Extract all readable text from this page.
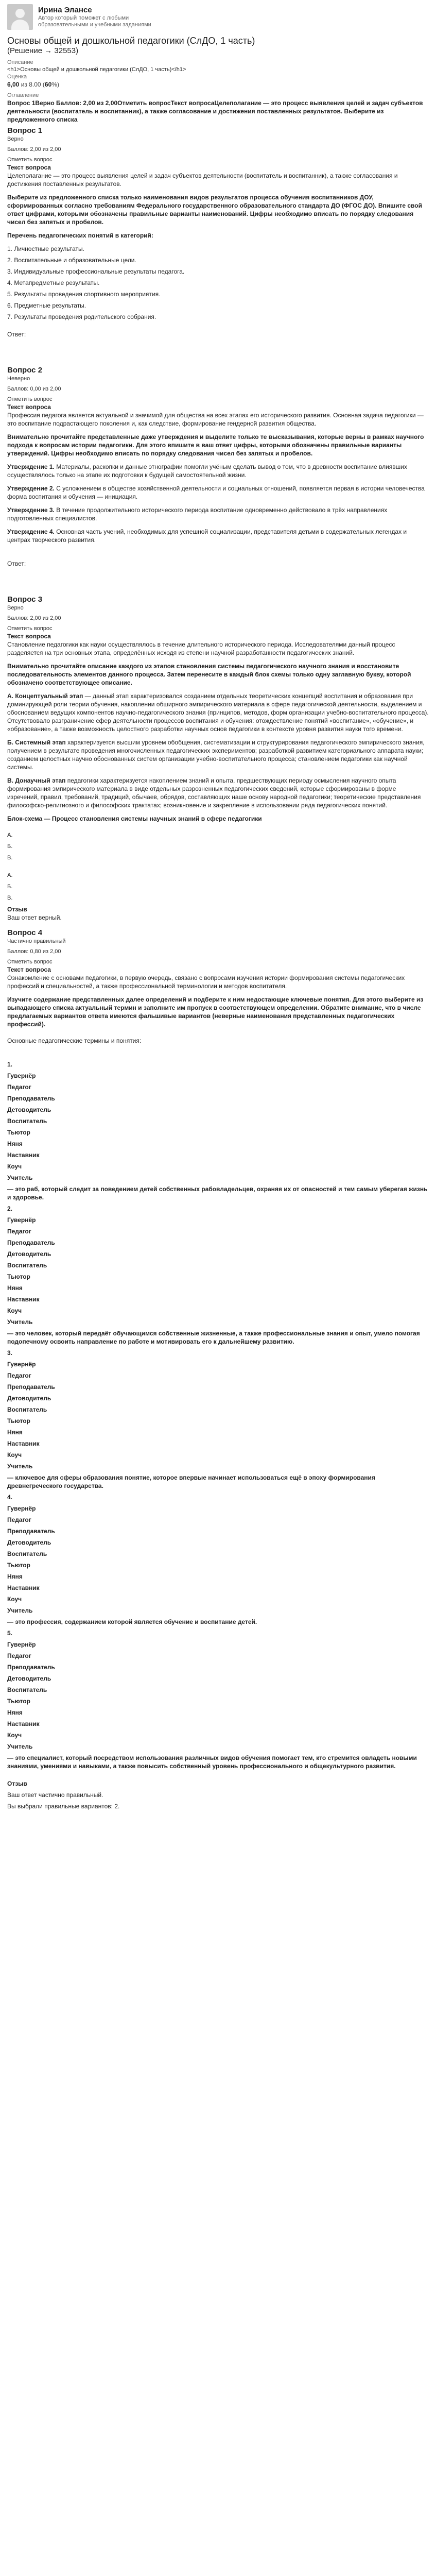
Ирина Элансе
Автор который поможет с любыми образовательными и учебными заданиями
Основы общей и дошкольной педагогики (СлДО, 1 часть)
(Решение → 32553)
Описание
<h1>Основы общей и дошкольной педагогики (СлДО, 1 часть)</h1>
Оценка
6,00 из 8.00 (60%)
Оглавление
Вопрос 1Верно Баллов: 2,00 из 2,00Отметить вопросТекст вопросаЦелеполагание — это процесс выявления целей и задач субъектов деятельности (воспитатель и воспитанник), а также согласование и достижения поставленных результатов. Выберите из предложенного списка
Вопрос 1
Верно
Баллов: 2,00 из 2,00
Отметить вопрос
Текст вопроса
Целеполагание — это процесс выявления целей и задач субъектов деятельности (воспитатель и воспитанник), а также согласования и достижения поставленных результатов.
Выберите из предложенного списка только наименования видов результатов процесса обучения воспитанников ДОУ, сформированных согласно требованиям Федерального государственного образовательного стандарта ДО (ФГОС ДО). Впишите свой ответ цифрами, которыми обозначены правильные варианты наименований. Цифры необходимо вписать по порядку следования чисел без запятых и пробелов.
Перечень педагогических понятий в категорий:
1. Личностные результаты.
2. Воспитательные и образовательные цели.
3. Индивидуальные профессиональные результаты педагога.
4. Метапредметные результаты.
5. Результаты проведения спортивного мероприятия.
6. Предметные результаты.
7. Результаты проведения родительского собрания.
Ответ:
Вопрос 2
Неверно
Баллов: 0,00 из 2,00
Отметить вопрос
Текст вопроса
Профессия педагога является актуальной и значимой для общества на всех этапах его исторического развития. Основная задача педагогики — это воспитание подрастающего поколения и, как следствие, формирование гендерной развития общества.
Внимательно прочитайте представленные даже утверждения и выделите только те высказывания, которые верны в рамках научного подхода к вопросам истории педагогики. Для этого впишите в ваш ответ цифры, которыми обозначены правильные варианты утверждений. Цифры необходимо вписать по порядку следования чисел без запятых и пробелов.
Утверждение 1. Материалы, раскопки и данные этнографии помогли учёным сделать вывод о том, что в древности воспитание влиявших осуществлялось только на этапе их подготовки к будущей самостоятельной жизни.
Утверждение 2. С усложнением в обществе хозяйственной деятельности и социальных отношений, появляется первая в истории человечества форма воспитания и обучения — инициация.
Утверждение 3. В течение продолжительного исторического периода воспитание одновременно действовало в трёх направлениях подготовленных специалистов.
Утверждение 4. Основная часть учений, необходимых для успешной социализации, представителя детьми в содержательных легендах и центрах творческого развития.
Ответ:
Вопрос 3
Верно
Баллов: 2,00 из 2,00
Отметить вопрос
Текст вопроса
Становление педагогики как науки осуществлялось в течение длительного исторического периода. Исследователями данный процесс разделяется на три основных этапа, определённых исходя из степени научной разработанности педагогических знаний.
Внимательно прочитайте описание каждого из этапов становления системы педагогического научного знания и восстановите последовательность элементов данного процесса. Затем перенесите в каждый блок схемы только одну заглавную букву, которой обозначено соответствующее описание.
А. Концептуальный этап — данный этап характеризовался созданием отдельных теоретических концепций воспитания и образования при доминирующей роли теории обучения, накоплении обширного эмпирического материала в сфере педагогической деятельности, выделением и обоснованием ведущих компонентов научно-педагогического знания (принципов, методов, форм организации учебно-воспитательного процесса). Отсутствовало разграничение сфер деятельности процессов воспитания и обучения: отождествление понятий «воспитание», «обучение», и «образование», а также возможность целостного разработки научных основ педагогики в контексте уровня развития науки того времени.
Б. Системный этап характеризуется высшим уровнем обобщения, систематизации и структурирования педагогического эмпирического знания, получением в результате проведения многочисленных педагогических экспериментов; разработкой развитием категориального аппарата науки; созданием целостных научно обоснованных систем организации учебно-воспитательного процесса; становлением педагогики как научной системы.
В. Донаучный этап педагогики характеризуется накоплением знаний и опыта, предшествующих периоду осмысления научного опыта формирования эмпирического материала в виде отдельных разрозненных педагогических сведений, которые сформированы в форме изречений, правил, требований, традиций, обычаев, обрядов, составляющих наше основу народной педагогики; теоретические представления философско-религиозного и философских трактатах; возникновение и закрепление в использовании ряда педагогических понятий.
Блок-схема — Процесс становления системы научных знаний в сфере педагогики
А.
Б.
В.
А.
Б.
В.
Отзыв
Ваш ответ верный.
Вопрос 4
Частично правильный
Баллов: 0,80 из 2,00
Отметить вопрос
Текст вопроса
Ознакомление с основами педагогики, в первую очередь, связано с вопросами изучения истории формирования системы педагогических профессий и специальностей, а также профессиональной терминологии и методов воспитателя.
Изучите содержание представленных далее определений и подберите к ним недостающие ключевые понятия. Для этого выберите из выпадающего списка актуальный термин и заполните им пропуск в соответствующем определении. Обратите внимание, что в числе предлагаемых вариантов ответа имеются фальшивые вариантов (неверные наименования представленных педагогических профессий).
Основные педагогические термины и понятия:
1.
Гувернёр
Педагог
Преподаватель
Детоводитель
Воспитатель
Тьютор
Няня
Наставник
Коуч
Учитель
— это раб, который следит за поведением детей собственных рабовладельцев, охраняя их от опасностей и тем самым уберегая жизнь и здоровье.
2.
Гувернёр
Педагог
Преподаватель
Детоводитель
Воспитатель
Тьютор
Няня
Наставник
Коуч
Учитель
— это человек, который передаёт обучающимся собственные жизненные, а также профессиональные знания и опыт, умело помогая подопечному освоить направление по работе и мотивировать его к дальнейшему развитию.
3.
Гувернёр
Педагог
Преподаватель
Детоводитель
Воспитатель
Тьютор
Няня
Наставник
Коуч
Учитель
— ключевое для сферы образования понятие, которое впервые начинает использоваться ещё в эпоху формирования древнегреческого государства.
4.
Гувернёр
Педагог
Преподаватель
Детоводитель
Воспитатель
Тьютор
Няня
Наставник
Коуч
Учитель
— это профессия, содержанием которой является обучение и воспитание детей.
5.
Гувернёр
Педагог
Преподаватель
Детоводитель
Воспитатель
Тьютор
Няня
Наставник
Коуч
Учитель
— это специалист, который посредством использования различных видов обучения помогает тем, кто стремится овладеть новыми знаниями, умениями и навыками, а также повысить собственный уровень профессионального и общекультурного развития.
Отзыв
Ваш ответ частично правильный.
Вы выбрали правильные вариантов: 2.
